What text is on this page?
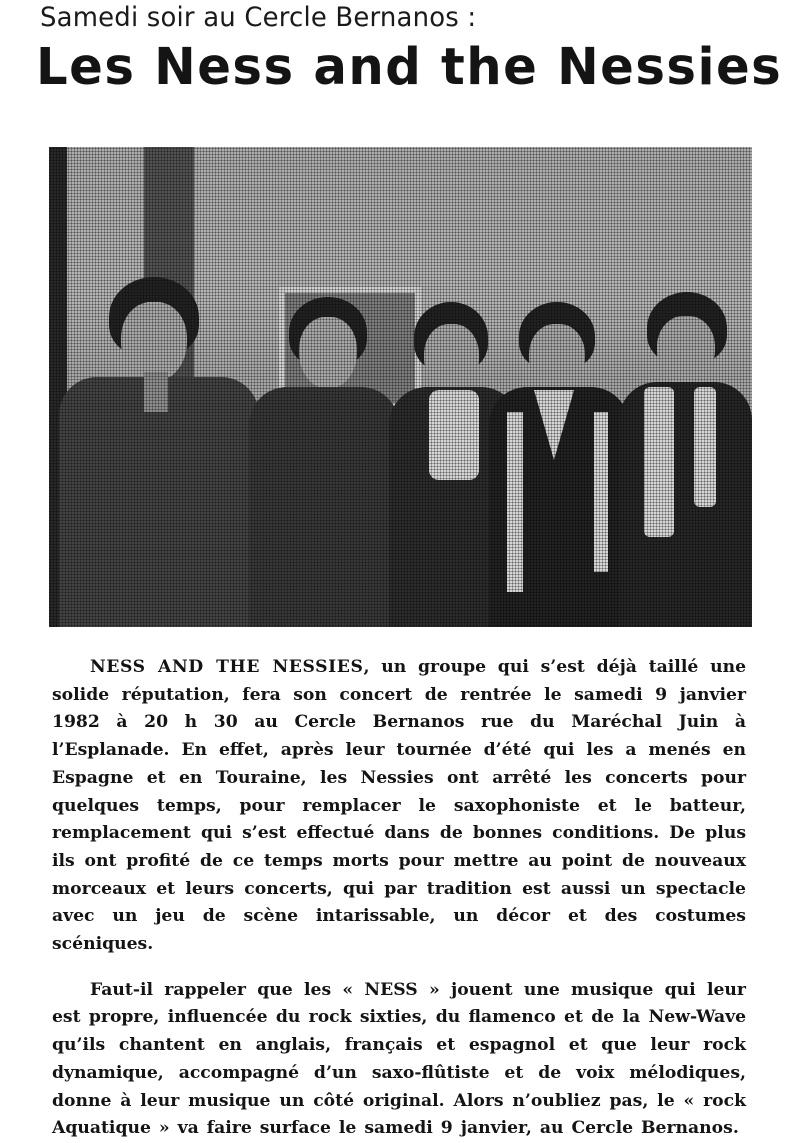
Samedi soir au Cercle Bernanos :
Les Ness and the Nessies

NESS AND THE NESSIES, un groupe qui s’est déjà taillé une solide réputation, fera son concert de rentrée le samedi 9 janvier 1982 à 20 h 30 au Cercle Bernanos rue du Maréchal Juin à l’Esplanade. En effet, après leur tournée d’été qui les a menés en Espagne et en Touraine, les Nessies ont arrêté les concerts pour quelques temps, pour remplacer le saxophoniste et le batteur, remplacement qui s’est effectué dans de bonnes conditions. De plus ils ont profité de ce temps morts pour mettre au point de nouveaux morceaux et leurs concerts, qui par tradition est aussi un spectacle avec un jeu de scène intarissable, un décor et des costumes scéniques.

Faut-il rappeler que les « NESS » jouent une musique qui leur est propre, influencée du rock sixties, du flamenco et de la New-Wave qu’ils chantent en anglais, français et espagnol et que leur rock dynamique, accompagné d’un saxo-flûtiste et de voix mélodiques, donne à leur musique un côté original. Alors n’oubliez pas, le « rock Aquatique » va faire surface le samedi 9 janvier, au Cercle Bernanos.
